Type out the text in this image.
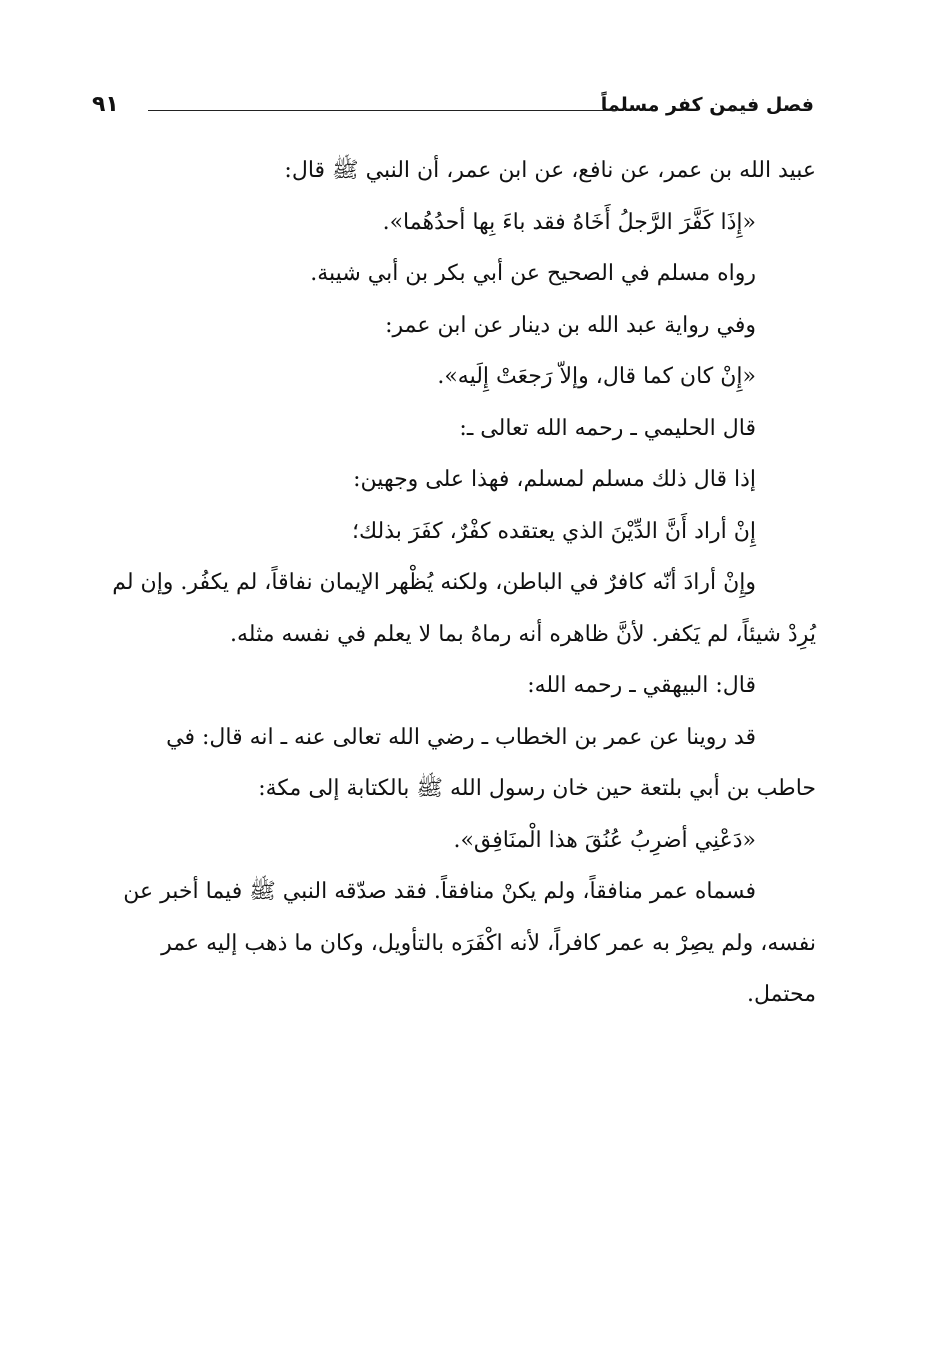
فصل فيمن كفر مسلماً
٩١
عبيد الله بن عمر، عن نافع، عن ابن عمر، أن النبي ﷺ قال:
«إِذَا كَفَّرَ الرَّجلُ أَخَاهُ فقد باءَ بِها أحدُهُما».
رواه مسلم في الصحيح عن أبي بكر بن أبي شيبة.
وفي رواية عبد الله بن دينار عن ابن عمر:
«إِنْ كان كما قال، وإلاّ رَجعَتْ إِلَيه».
قال الحليمي ـ رحمه الله تعالى ـ:
إذا قال ذلك مسلم لمسلم، فهذا على وجهين:
إِنْ أراد أَنَّ الدِّيْنَ الذي يعتقده كفْرٌ، كفَرَ بذلك؛
وإِنْ أرادَ أنّه كافرٌ في الباطن، ولكنه يُظْهر الإيمان نفاقاً، لم يكفُر. وإن لم
يُرِدْ شيئاً، لم يَكفر. لأنَّ ظاهره أنه رماهُ بما لا يعلم في نفسه مثله.
قال: البيهقي ـ رحمه الله:
قد روينا عن عمر بن الخطاب ـ رضي الله تعالى عنه ـ انه قال: في
حاطب بن أبي بلتعة حين خان رسول الله ﷺ بالكتابة إلى مكة:
«دَعْنِي أضرِبُ عُنُقَ هذا الْمنَافِق».
فسماه عمر منافقاً، ولم يكنْ منافقاً. فقد صدّقه النبي ﷺ فيما أخبر عن
نفسه، ولم يصِرْ به عمر كافراً، لأنه اكْفَرَه بالتأويل، وكان ما ذهب إليه عمر
محتمل.
